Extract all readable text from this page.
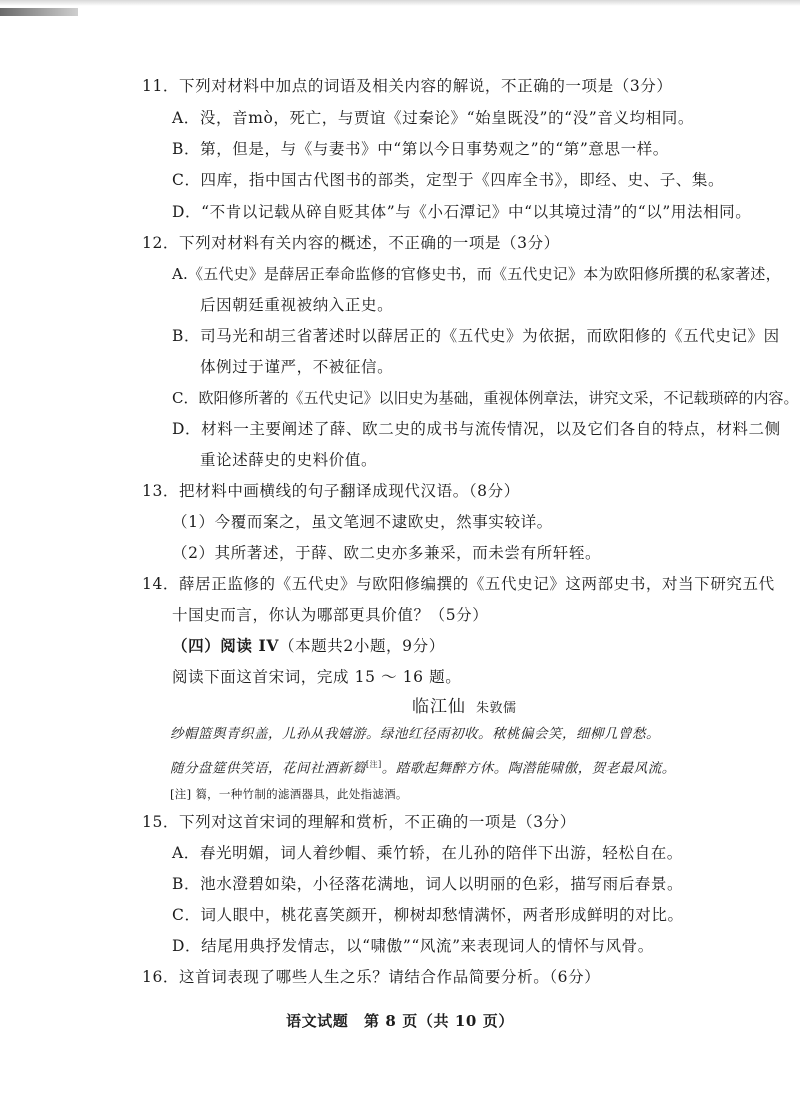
11．下列对材料中加点的词语及相关内容的解说，不正确的一项是（3分）
A．没，音mò，死亡，与贾谊《过秦论》“始皇既没”的“没”音义均相同。
B．第，但是，与《与妻书》中“第以今日事势观之”的“第”意思一样。
C．四库，指中国古代图书的部类，定型于《四库全书》，即经、史、子、集。
D．“不肯以记载从碎自贬其体”与《小石潭记》中“以其境过清”的“以”用法相同。
12．下列对材料有关内容的概述，不正确的一项是（3分）
A.《五代史》是薛居正奉命监修的官修史书，而《五代史记》本为欧阳修所撰的私家著述，
后因朝廷重视被纳入正史。
B．司马光和胡三省著述时以薛居正的《五代史》为依据，而欧阳修的《五代史记》因
体例过于谨严，不被征信。
C．欧阳修所著的《五代史记》以旧史为基础，重视体例章法，讲究文采，不记载琐碎的内容。
D．材料一主要阐述了薛、欧二史的成书与流传情况，以及它们各自的特点，材料二侧
重论述薛史的史料价值。
13．把材料中画横线的句子翻译成现代汉语。（8分）
（1）今覆而案之，虽文笔迥不逮欧史，然事实较详。
（2）其所著述，于薛、欧二史亦多兼采，而未尝有所轩轾。
14．薛居正监修的《五代史》与欧阳修编撰的《五代史记》这两部史书，对当下研究五代
十国史而言，你认为哪部更具价值？（5分）
（四）阅读 IV（本题共2小题，9分）
阅读下面这首宋词，完成 15 ～ 16 题。
临江仙 朱敦儒
纱帽篮舆青织盖，儿孙从我嬉游。绿池红径雨初收。秾桃偏会笑，细柳几曾愁。
随分盘筵供笑语，花间社酒新篘[注]。踏歌起舞醉方休。陶潜能啸傲，贺老最风流。
[注] 篘，一种竹制的滤酒器具，此处指滤酒。
15．下列对这首宋词的理解和赏析，不正确的一项是（3分）
A．春光明媚，词人着纱帽、乘竹轿，在儿孙的陪伴下出游，轻松自在。
B．池水澄碧如染，小径落花满地，词人以明丽的色彩，描写雨后春景。
C．词人眼中，桃花喜笑颜开，柳树却愁情满怀，两者形成鲜明的对比。
D．结尾用典抒发情志，以“啸傲”“风流”来表现词人的情怀与风骨。
16．这首词表现了哪些人生之乐？请结合作品简要分析。（6分）
语文试题　第 8 页（共 10 页）
